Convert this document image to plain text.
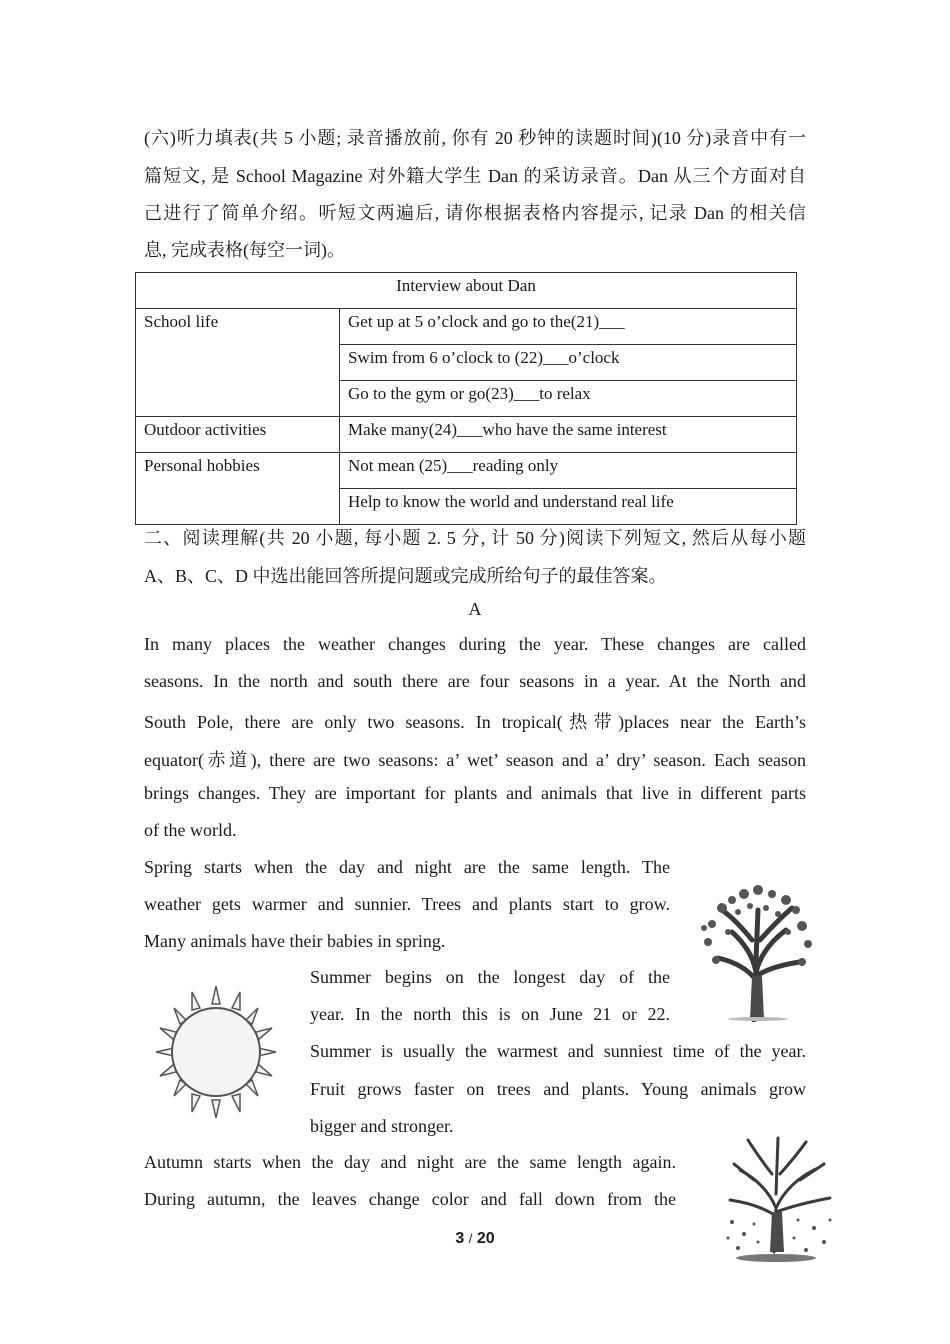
(六)听力填表(共 5 小题; 录音播放前, 你有 20 秒钟的读题时间)(10 分)录音中有一
篇短文, 是 School Magazine 对外籍大学生 Dan 的采访录音。Dan 从三个方面对自
己进行了简单介绍。听短文两遍后, 请你根据表格内容提示, 记录 Dan 的相关信
息, 完成表格(每空一词)。
Interview about Dan	
School life	Get up at 5 o’clock and go to the(21)___
	Swim from 6 o’clock to (22)___o’clock
	Go to the gym or go(23)___to relax
Outdoor activities	Make many(24)___who have the same interest
Personal hobbies	Not mean (25)___reading only
	Help to know the world and understand real life
二、阅读理解(共 20 小题, 每小题 2. 5 分, 计 50 分)阅读下列短文, 然后从每小题
A、B、C、D 中选出能回答所提问题或完成所给句子的最佳答案。
A
In many places the weather changes during the year. These changes are called
seasons. In the north and south there are four seasons in a year. At the North and
South Pole, there are only two seasons. In tropical(热带)places near the Earth’s
equator(赤道), there are two seasons: a’ wet’ season and a’ dry’ season. Each season
brings changes. They are important for plants and animals that live in different parts
of the world.
Spring starts when the day and night are the same length. The
weather gets warmer and sunnier. Trees and plants start to grow.
Many animals have their babies in spring.
Summer begins on the longest day of the
year. In the north this is on June 21 or 22.
Summer is usually the warmest and sunniest time of the year.
Fruit grows faster on trees and plants. Young animals grow
bigger and stronger.
Autumn starts when the day and night are the same length again.
During autumn, the leaves change color and fall down from the
3 / 20
